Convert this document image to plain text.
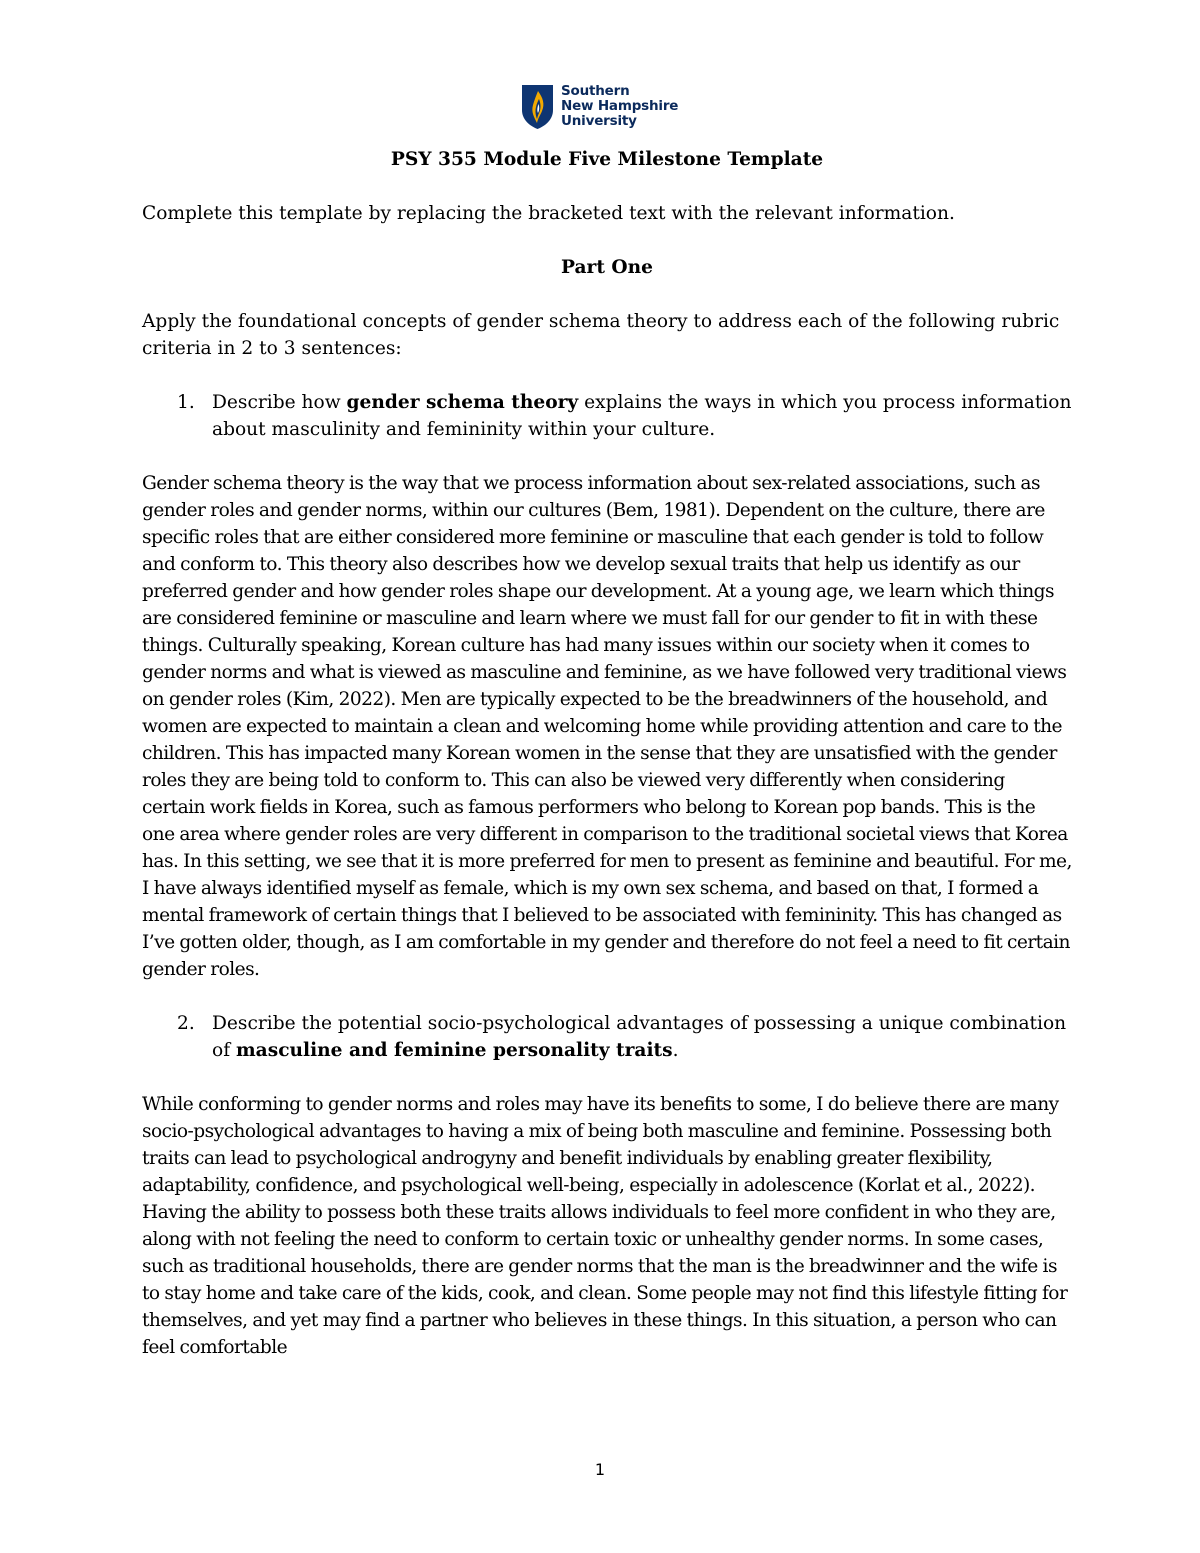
Southern
New Hampshire
University

PSY 355 Module Five Milestone Template

Complete this template by replacing the bracketed text with the relevant information.

Part One

Apply the foundational concepts of gender schema theory to address each of the following rubric criteria in 2 to 3 sentences:

1. Describe how gender schema theory explains the ways in which you process information about masculinity and femininity within your culture.

Gender schema theory is the way that we process information about sex-related associations, such as gender roles and gender norms, within our cultures (Bem, 1981). Dependent on the culture, there are specific roles that are either considered more feminine or masculine that each gender is told to follow and conform to. This theory also describes how we develop sexual traits that help us identify as our preferred gender and how gender roles shape our development. At a young age, we learn which things are considered feminine or masculine and learn where we must fall for our gender to fit in with these things. Culturally speaking, Korean culture has had many issues within our society when it comes to gender norms and what is viewed as masculine and feminine, as we have followed very traditional views on gender roles (Kim, 2022). Men are typically expected to be the breadwinners of the household, and women are expected to maintain a clean and welcoming home while providing attention and care to the children. This has impacted many Korean women in the sense that they are unsatisfied with the gender roles they are being told to conform to. This can also be viewed very differently when considering certain work fields in Korea, such as famous performers who belong to Korean pop bands. This is the one area where gender roles are very different in comparison to the traditional societal views that Korea has. In this setting, we see that it is more preferred for men to present as feminine and beautiful. For me, I have always identified myself as female, which is my own sex schema, and based on that, I formed a mental framework of certain things that I believed to be associated with femininity. This has changed as I’ve gotten older, though, as I am comfortable in my gender and therefore do not feel a need to fit certain gender roles.

2. Describe the potential socio-psychological advantages of possessing a unique combination of masculine and feminine personality traits.

While conforming to gender norms and roles may have its benefits to some, I do believe there are many socio-psychological advantages to having a mix of being both masculine and feminine. Possessing both traits can lead to psychological androgyny and benefit individuals by enabling greater flexibility, adaptability, confidence, and psychological well-being, especially in adolescence (Korlat et al., 2022). Having the ability to possess both these traits allows individuals to feel more confident in who they are, along with not feeling the need to conform to certain toxic or unhealthy gender norms. In some cases, such as traditional households, there are gender norms that the man is the breadwinner and the wife is to stay home and take care of the kids, cook, and clean. Some people may not find this lifestyle fitting for themselves, and yet may find a partner who believes in these things. In this situation, a person who can feel comfortable

1
